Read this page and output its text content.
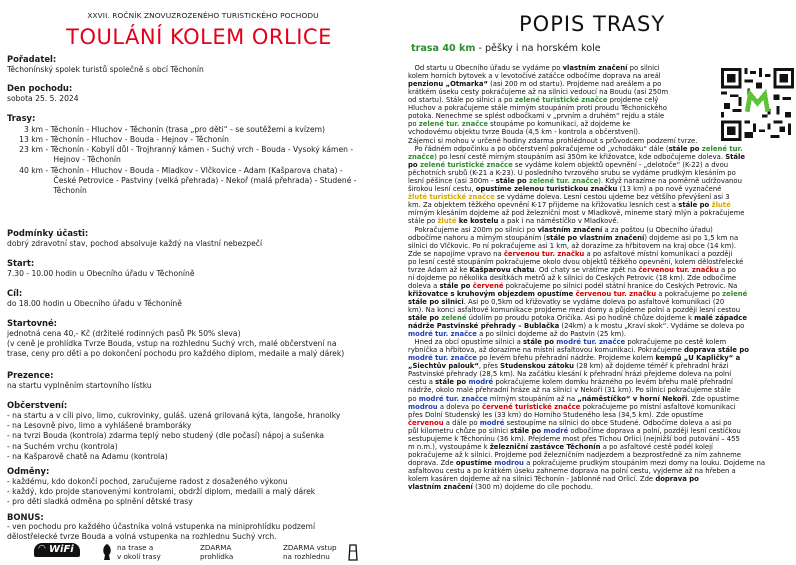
XXVII. ROČNÍK ZNOVUZROZENÉHO TURISTICKÉHO POCHODU
TOULÁNÍ KOLEM ORLICE
Pořadatel:
Těchonínský spolek turistů společně s obcí Těchonín
Den pochodu:
sobota 25. 5. 2024
Trasy:
3 km - Těchonín - Hluchov - Těchonín (trasa „pro děti“ - se soutěžemi a kvízem)
13 km - Těchonín - Hluchov - Bouda - Hejnov - Těchonín
23 km - Těchonín - Kobylí důl - Trojhranný kámen - Suchý vrch - Bouda - Vysoký kámen -
Hejnov - Těchonín
40 km - Těchonín - Hluchov - Bouda - Mladkov - Vlčkovice - Adam (Kašparova chata) -
České Petrovice - Pastviny (velká přehrada) - Nekoř (malá přehrada) - Studené -
Těchonín
Podmínky účasti:
dobrý zdravotní stav, pochod absolvuje každý na vlastní nebezpečí
Start:
7.30 - 10.00 hodin u Obecního úřadu v Těchoníně
Cíl:
do 18.00 hodin u Obecního úřadu v Těchoníně
Startovné:
jednotná cena 40,- Kč (držitelé rodinných pasů Pk 50% sleva)
(v ceně je prohlídka Tvrze Bouda, vstup na rozhlednu Suchý vrch, malé občerstvení na
trase, ceny pro děti a po dokončení pochodu pro každého diplom, medaile a malý dárek)
Prezence:
na startu vyplněním startovního lístku
Občerstvení:
- na startu a v cíli pivo, limo, cukrovinky, guláš. uzená grilovaná kýta, langoše, hranolky
- na Lesovně pivo, limo a vyhlášené bramboráky
- na tvrzi Bouda (kontrola) zdarma teplý nebo studený (dle počasí) nápoj a sušenka
- na Suchém vrchu (kontrola)
- na Kašparově chatě na Adamu (kontrola)
Odměny:
- každému, kdo dokončí pochod, zaručujeme radost z dosaženého výkonu
- každý, kdo projde stanovenými kontrolami, obdrží diplom, medaili a malý dárek
- pro děti sladká odměna po splnění dětské trasy
BONUS:
- ven pochodu pro každého účastníka volná vstupenka na miniprohlídku podzemí
dělostřelecké tvrze Bouda a volná vstupenka na rozhlednu Suchý vrch.
◠ WiFi	na trase a
v okolí trasy
ZDARMA
prohlídka
ZDARMA vstup
na rozhlednu
POPIS TRASY
trasa 40 km - pěšky i na horském kole
Od startu u Obecního úřadu se vydáme po vlastním značení po silnici
kolem horních bytovek a v levotočivé zatáčce odbočíme doprava na areál
penzionu „Otmarka“ (asi 200 m od startu). Projdeme nad areálem a po
krátkém úseku cesty pokračujeme až na silnici vedoucí na Boudu (asi 250m
od startu). Stále po silnici a po zelené turistické značce projdeme celý
Hluchov a pokračujeme stále mírným stoupáním proti proudu Těchonického
potoka. Nenechme se splést odbočkami v „prvním a druhém“ rejdu a stále
po zelené tur. značce stoupáme po komunikaci, až dojdeme ke
vchodovému objektu tvrze Bouda (4,5 km - kontrola a občerstvení).
Zájemci si mohou v určené hodiny zdarma prohlédnout s průvodcem podzemí tvrze.
Po řádném odpočinku a po občerstvení pokračujeme od „vchodáku“ dále (stále po zelené tur.
značce) po lesní cestě mírným stoupáním asi 350m ke křižovatce, kde odbočujeme doleva. Stále
po zelené turistické značce se vydáme kolem objektů opevnění - „delotoče“ (K-22) a dvou
pěchotních srubů (K-21 a K-23). U posledního tvrzového srubu se vydáme prudkým klesáním po
lesní pěšince (asi 300m - stále po zelené tur. značce). Když narazíme na poměrně udržovanou
širokou lesní cestu, opustíme zelenou turistickou značku (13 km) a po nově vyznačené
žluté turistické značce se vydáme doleva. Lesní cestou ujdeme bez většího převýšení asi 3
km. Za objektem těžkého opevnění K-17 přijdeme na křižovatku lesních cest a stále po žluté
mírným klesáním dojdeme až pod železniční most v Mladkově, mineme starý mlýn a pokračujeme
stále po žluté ke kostelu a pak i na náměstíčko v Mladkově.
Pokračujeme asi 200m po silnici po vlastním značení a za poštou (u Obecního úřadu)
odbočíme nahoru a mírným stoupáním (stále po vlastním značení) dojdeme asi po 1,5 km na
silnici do Vlčkovic. Po ní pokračujeme asi 1 km, až dorazíme za hřbitovem na kraj obce (14 km).
Zde se napojíme vpravo na červenou tur. značku a po asfaltové místní komunikaci a později
po lesní cestě stoupáním pokračujeme okolo dvou objektů těžkého opevnění, kolem dělostřelecké
tvrze Adam až ke Kašparovu chatu. Od chaty se vrátíme zpět na červenou tur. značku a po
ní dojdeme po několika desítkách metrů až k silnici do Českých Petrovic (18 km). Zde odbočíme
doleva a stále po červené pokračujeme po silnici podél státní hranice do Českých Petrovic. Na
křižovatce s kruhovým objezdem opustíme červenou tur. značku a pokračujeme po zelené
stále po silnici. Asi po 0,5km od křižovatky se vydáme doleva po asfaltové komunikaci (20
km). Na konci asfaltové komunikace projdeme mezi domy a půjdeme polní a později lesní cestou
stále po zelené údolím po proudu potoka Oričíka. Asi po hodině chůze dojdeme k malé západce
nádrže Pastvinské přehrady – Bublačka (24km) a k mostu „Kraví skok“. Vydáme se doleva po
modré tur. značce a po silnici dojdeme až do Pastvin (25 km).
Hned za obcí opustíme silnici a stále po modré tur. značce pokračujeme po cestě kolem
rybníčka a hřbitova, až dorazíme na místní asfaltovou komunikaci. Pokračujeme doprava stále po
modré tur. značce po levém břehu přehradní nádrže. Projdeme kolem kempů „U Kapličky“ a
„Šiechtův palouk“, přes Studenskou zátoku (28 km) až dojdeme téměř k přehradní hrázi
Pastvinské přehrady (28,5 km). Na začátku klesání k přehradní hrázi přejdeme doleva na polní
cestu a stále po modré pokračujeme kolem domku hrázného po levém břehu malé přehradní
nádrže, okolo malé přehradní hráze až na silnici v Nekoři (31 km). Po silnici pokračujeme stále
po modré tur. značce mírným stoupáním až na „náměstíčko“ v horní Nekoři. Zde opustíme
modrou a doleva po červené turistické značce pokračujeme po místní asfaltové komunikaci
přes Dolní Studenský les (33 km) do Horního Studeného lesa (34,5 km). Zde opustíme
červenou a dále po modré sestoupíme na silnici do obce Studené. Odbočíme doleva a asi po
půl kilometru chůze po silnici stále po modré odbočíme doprava a polní, později lesní cestičkou
sestupujeme k Těchonínu (36 km). Přejdeme most přes Tichou Orlici (nejnižší bod putování – 455
m n.m.), vystoupáme k železniční zastávce Těchonín a po asfaltové cestě podél kolejí
pokračujeme až k silnici. Projdeme pod železničním nadjezdem a bezprostředně za ním zahneme
doprava. Zde opustíme modrou a pokračujeme prudkým stoupáním mezi domy na louku. Dojdeme na
asfaltovou cestu a po krátkém úseku zahneme doprava na polní cestu, vyjdeme až na hřeben a
kolem kasáren dojdeme až na silnici Těchonín - Jablonné nad Orlicí. Zde doprava po
vlastním značení (300 m) dojdeme do cíle pochodu.
